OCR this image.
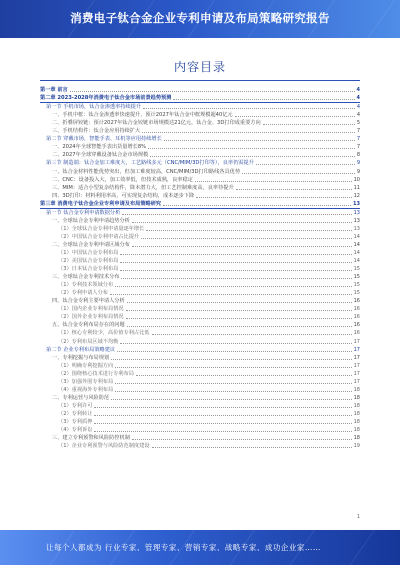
消费电子钛合金企业专利申请及布局策略研究报告
内容目录
第一章 前言	4
第二章 2023-2028年消费电子钛合金市场前景趋势预测	4
第一节 手机市场，钛合金渗透率持续提升	4
一、手机中框：钛合金渗透率快速提升，预计2027年钛合金中框规模超40亿元	4
二、折叠屏铰链：预计2027年钛合金铰链市场规模达21亿元，钛合金、3D打印成重要方向	5
三、手机结构件：钛合金应用持续扩大	7
第二节 穿戴市场，智能手表、耳机等应用持续增长	7
一、2024年全球智能手表出货量增长8%	7
二、2027年全球穿戴设备钛合金市场规模	8
第三节 制造端：钛合金加工难度大，工艺路线多元（CNC/MIM/3D打印等），良率仍需提升	9
一、钛合金材料性能优势突出，但加工难度较高，CNC/MIM/3D打印路线各具优势	9
二、CNC：设备投入大，加工效率低，但技术成熟，良率稳定	10
三、MIM：适合小型复杂结构件，降本潜力大，但工艺控制难度高，良率待提升	11
四、3D打印：材料利用率高，可实现复杂结构，成本逐步下降	12
第三章 消费电子钛合金企业专利申请及布局策略研究	13
第一节 钛合金专利申请数据分析	13
一、全球钛合金专利申请趋势分析	13
（1）全球钛合金专利申请量逐年增长	13
（2）中国钛合金专利申请占比提升	14
二、全球钛合金专利申请区域分布	14
（1）中国钛合金专利布局	14
（2）美国钛合金专利布局	14
（3）日本钛合金专利布局	15
三、全球钛合金专利技术分布	15
（1）专利技术领域分布	15
（2）专利申请人分布	15
四、钛合金专利主要申请人分析	16
（1）国内企业专利布局情况	16
（2）国外企业专利布局情况	16
五、钛合金专利布局存在的问题	16
（1）核心专利较少，高价值专利占比低	16
（2）专利布局区域不均衡	17
第二节 企业专利布局策略建议	17
一、专利挖掘与布局规划	17
（1）明确专利挖掘方向	17
（2）围绕核心技术进行专利布局	17
（3）加强外围专利布局	17
（4）重视海外专利布局	18
二、专利运营与风险防范	18
（1）专利许可	18
（2）专利转让	18
（3）专利质押	18
（4）专利诉讼	18
三、建立专利预警和风险防控机制	18
（1）企业专利预警与风险防范制度建设	19
1
让每个人都成为 行业专家、管理专家、营销专家、战略专家、成功企业家……
